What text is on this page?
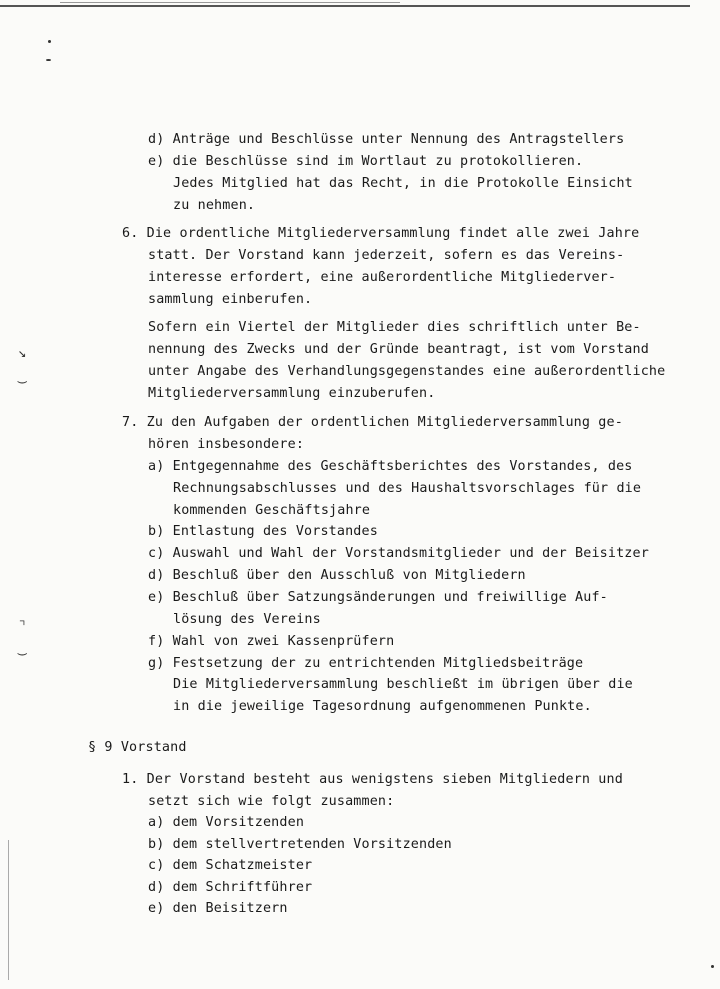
↘
‿
⌝
‿
d) Anträge und Beschlüsse unter Nennung des Antragstellers
e) die Beschlüsse sind im Wortlaut zu protokollieren.
Jedes Mitglied hat das Recht, in die Protokolle Einsicht
zu nehmen.
6. Die ordentliche Mitgliederversammlung findet alle zwei Jahre
statt. Der Vorstand kann jederzeit, sofern es das Vereins-
interesse erfordert, eine außerordentliche Mitgliederver-
sammlung einberufen.
Sofern ein Viertel der Mitglieder dies schriftlich unter Be-
nennung des Zwecks und der Gründe beantragt, ist vom Vorstand
unter Angabe des Verhandlungsgegenstandes eine außerordentliche
Mitgliederversammlung einzuberufen.
7. Zu den Aufgaben der ordentlichen Mitgliederversammlung ge-
hören insbesondere:
a) Entgegennahme des Geschäftsberichtes des Vorstandes, des
Rechnungsabschlusses und des Haushaltsvorschlages für die
kommenden Geschäftsjahre
b) Entlastung des Vorstandes
c) Auswahl und Wahl der Vorstandsmitglieder und der Beisitzer
d) Beschluß über den Ausschluß von Mitgliedern
e) Beschluß über Satzungsänderungen und freiwillige Auf-
lösung des Vereins
f) Wahl von zwei Kassenprüfern
g) Festsetzung der zu entrichtenden Mitgliedsbeiträge
Die Mitgliederversammlung beschließt im übrigen über die
in die jeweilige Tagesordnung aufgenommenen Punkte.
§ 9 Vorstand
1. Der Vorstand besteht aus wenigstens sieben Mitgliedern und
setzt sich wie folgt zusammen:
a) dem Vorsitzenden
b) dem stellvertretenden Vorsitzenden
c) dem Schatzmeister
d) dem Schriftführer
e) den Beisitzern
